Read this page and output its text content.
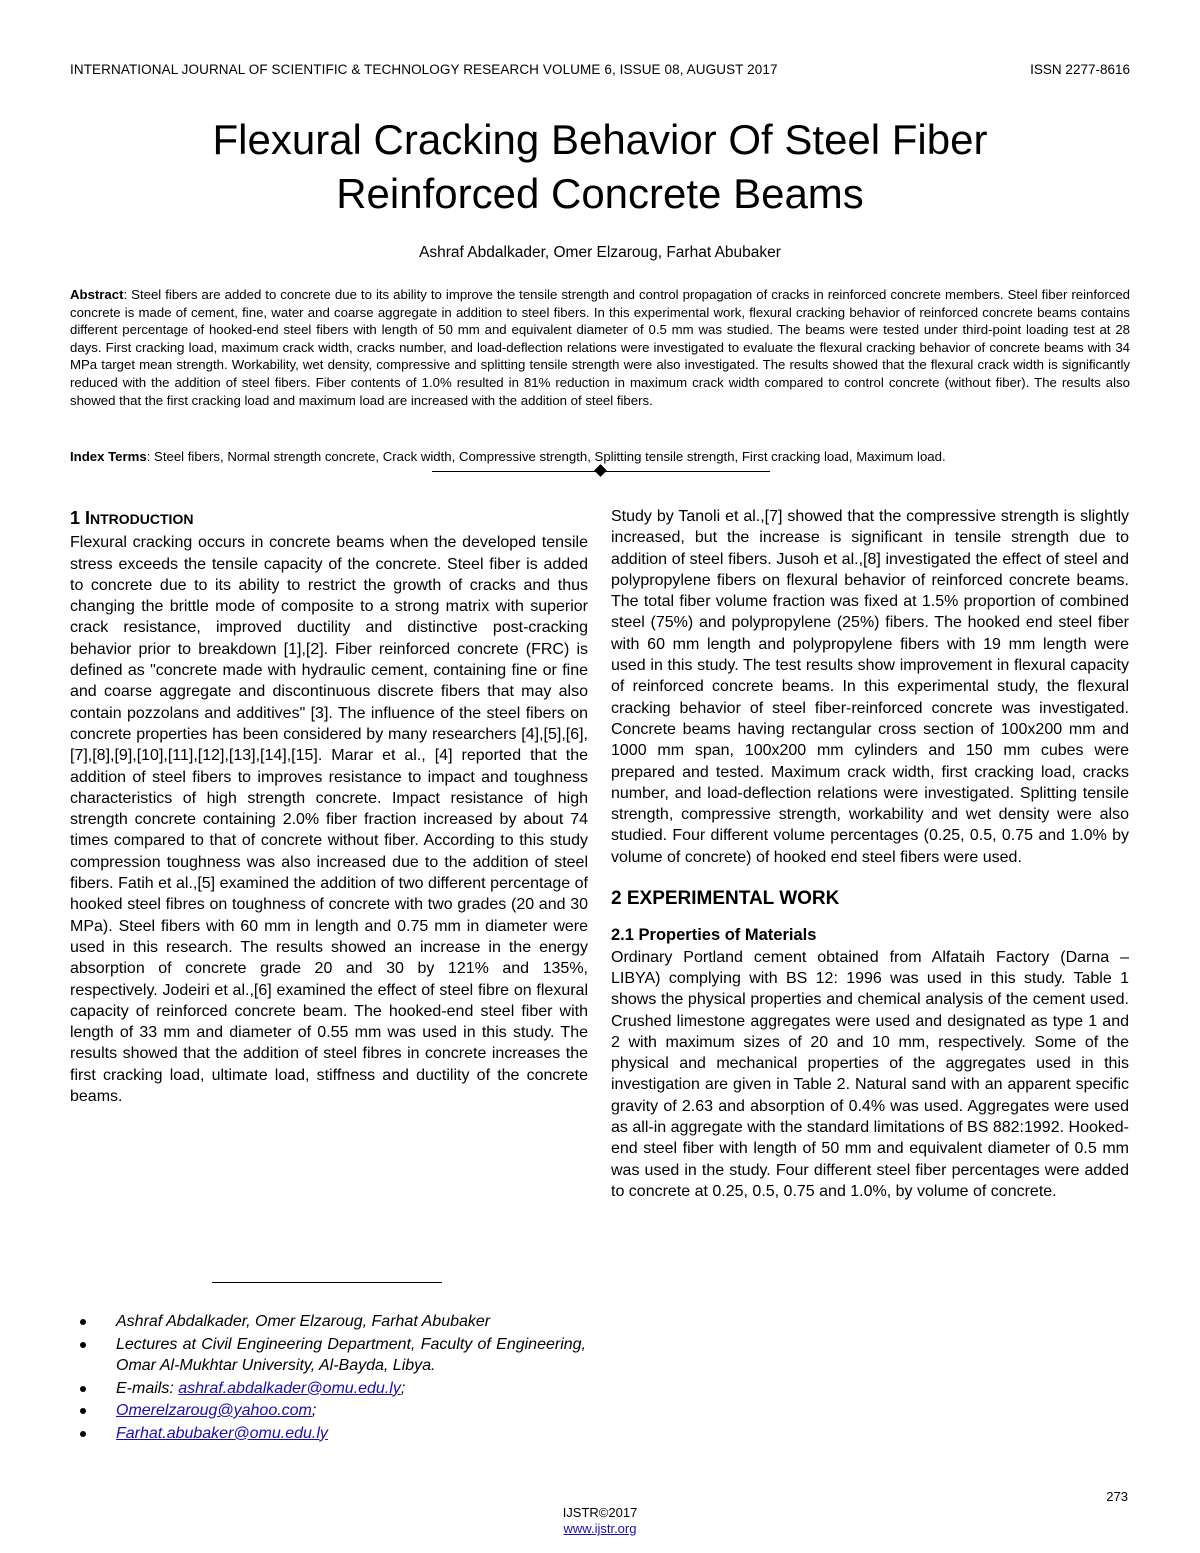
INTERNATIONAL JOURNAL OF SCIENTIFIC & TECHNOLOGY RESEARCH VOLUME 6, ISSUE 08, AUGUST 2017	ISSN 2277-8616
Flexural Cracking Behavior Of Steel Fiber
Reinforced Concrete Beams
Ashraf Abdalkader, Omer Elzaroug, Farhat Abubaker
Abstract: Steel fibers are added to concrete due to its ability to improve the tensile strength and control propagation of cracks in reinforced concrete members. Steel fiber reinforced concrete is made of cement, fine, water and coarse aggregate in addition to steel fibers. In this experimental work, flexural cracking behavior of reinforced concrete beams contains different percentage of hooked-end steel fibers with length of 50 mm and equivalent diameter of 0.5 mm was studied. The beams were tested under third-point loading test at 28 days. First cracking load, maximum crack width, cracks number, and load-deflection relations were investigated to evaluate the flexural cracking behavior of concrete beams with 34 MPa target mean strength. Workability, wet density, compressive and splitting tensile strength were also investigated. The results showed that the flexural crack width is significantly reduced with the addition of steel fibers. Fiber contents of 1.0% resulted in 81% reduction in maximum crack width compared to control concrete (without fiber). The results also showed that the first cracking load and maximum load are increased with the addition of steel fibers.
Index Terms: Steel fibers, Normal strength concrete, Crack width, Compressive strength, Splitting tensile strength, First cracking load, Maximum load.
1 INTRODUCTION

Flexural cracking occurs in concrete beams when the developed tensile stress exceeds the tensile capacity of the concrete. Steel fiber is added to concrete due to its ability to restrict the growth of cracks and thus changing the brittle mode of composite to a strong matrix with superior crack resistance, improved ductility and distinctive post-cracking behavior prior to breakdown [1],[2]. Fiber reinforced concrete (FRC) is defined as "concrete made with hydraulic cement, containing fine or fine and coarse aggregate and discontinuous discrete fibers that may also contain pozzolans and additives" [3]. The influence of the steel fibers on concrete properties has been considered by many researchers [4],[5],[6],[7],[8],[9],[10],[11],[12],[13],[14],[15]. Marar et al., [4] reported that the addition of steel fibers to improves resistance to impact and toughness characteristics of high strength concrete. Impact resistance of high strength concrete containing 2.0% fiber fraction increased by about 74 times compared to that of concrete without fiber. According to this study compression toughness was also increased due to the addition of steel fibers. Fatih et al.,[5] examined the addition of two different percentage of hooked steel fibres on toughness of concrete with two grades (20 and 30 MPa). Steel fibers with 60 mm in length and 0.75 mm in diameter were used in this research. The results showed an increase in the energy absorption of concrete grade 20 and 30 by 121% and 135%, respectively. Jodeiri et al.,[6] examined the effect of steel fibre on flexural capacity of reinforced concrete beam. The hooked-end steel fiber with length of 33 mm and diameter of 0.55 mm was used in this study. The results showed that the addition of steel fibres in concrete increases the first cracking load, ultimate load, stiffness and ductility of the concrete beams.

Ashraf Abdalkader, Omer Elzaroug, Farhat Abubaker
Lectures at Civil Engineering Department, Faculty of Engineering, Omar Al-Mukhtar University, Al-Bayda, Libya.
E-mails: ashraf.abdalkader@omu.edu.ly;
Omerelzaroug@yahoo.com;
Farhat.abubaker@omu.edu.ly

Study by Tanoli et al.,[7] showed that the compressive strength is slightly increased, but the increase is significant in tensile strength due to addition of steel fibers. Jusoh et al.,[8] investigated the effect of steel and polypropylene fibers on flexural behavior of reinforced concrete beams. The total fiber volume fraction was fixed at 1.5% proportion of combined steel (75%) and polypropylene (25%) fibers. The hooked end steel fiber with 60 mm length and polypropylene fibers with 19 mm length were used in this study. The test results show improvement in flexural capacity of reinforced concrete beams. In this experimental study, the flexural cracking behavior of steel fiber-reinforced concrete was investigated. Concrete beams having rectangular cross section of 100x200 mm and 1000 mm span, 100x200 mm cylinders and 150 mm cubes were prepared and tested. Maximum crack width, first cracking load, cracks number, and load-deflection relations were investigated. Splitting tensile strength, compressive strength, workability and wet density were also studied. Four different volume percentages (0.25, 0.5, 0.75 and 1.0% by volume of concrete) of hooked end steel fibers were used.

2 EXPERIMENTAL WORK
2.1 Properties of Materials

Ordinary Portland cement obtained from Alfataih Factory (Darna – LIBYA) complying with BS 12: 1996 was used in this study. Table 1 shows the physical properties and chemical analysis of the cement used. Crushed limestone aggregates were used and designated as type 1 and 2 with maximum sizes of 20 and 10 mm, respectively. Some of the physical and mechanical properties of the aggregates used in this investigation are given in Table 2. Natural sand with an apparent specific gravity of 2.63 and absorption of 0.4% was used. Aggregates were used as all-in aggregate with the standard limitations of BS 882:1992. Hooked-end steel fiber with length of 50 mm and equivalent diameter of 0.5 mm was used in the study. Four different steel fiber percentages were added to concrete at 0.25, 0.5, 0.75 and 1.0%, by volume of concrete.

273
IJSTR©2017
www.ijstr.org
